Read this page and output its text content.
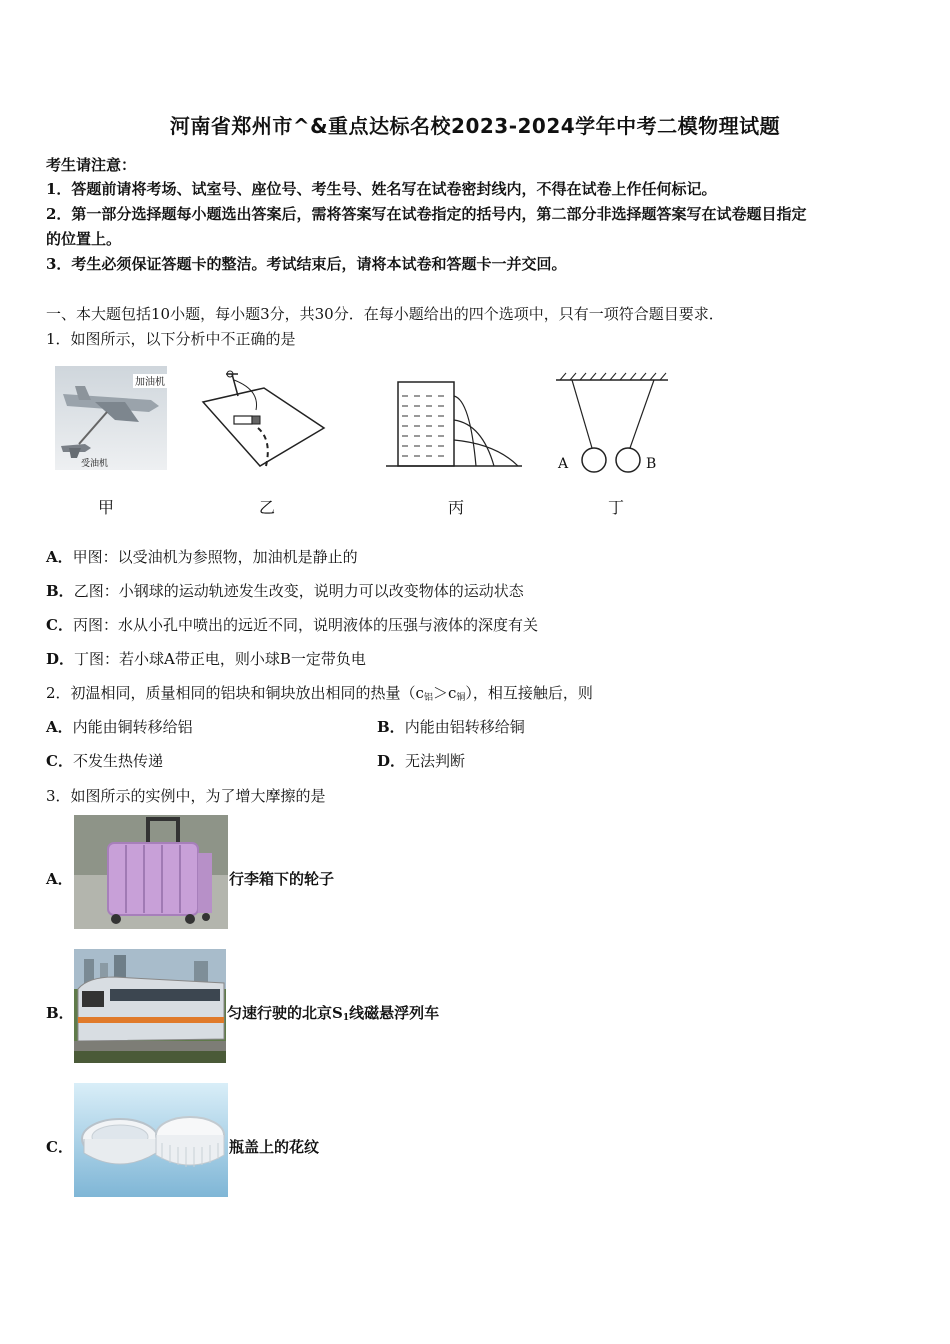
河南省郑州市^&重点达标名校2023-2024学年中考二模物理试题
考生请注意：
1．答题前请将考场、试室号、座位号、考生号、姓名写在试卷密封线内，不得在试卷上作任何标记。
2．第一部分选择题每小题选出答案后，需将答案写在试卷指定的括号内，第二部分非选择题答案写在试卷题目指定
的位置上。
3．考生必须保证答题卡的整洁。考试结束后，请将本试卷和答题卡一并交回。
一、本大题包括10小题，每小题3分，共30分．在每小题给出的四个选项中，只有一项符合题目要求．
1．如图所示，以下分析中不正确的是
加油机
受油机	A	B
甲	乙	丙	丁
A．甲图：以受油机为参照物，加油机是静止的
B．乙图：小钢球的运动轨迹发生改变，说明力可以改变物体的运动状态
C．丙图：水从小孔中喷出的远近不同，说明液体的压强与液体的深度有关
D．丁图：若小球A带正电，则小球B一定带负电
2．初温相同，质量相同的铝块和铜块放出相同的热量$(c_铝>c_铜)$，相互接触后，则
A．内能由铜转移给铝	B．内能由铝转移给铜
C．不发生热传递	D．无法判断
3．如图所示的实例中，为了增大摩擦的是
A．	行李箱下的轮子
B．	匀速行驶的北京$S_1$线磁悬浮列车
C．	瓶盖上的花纹
